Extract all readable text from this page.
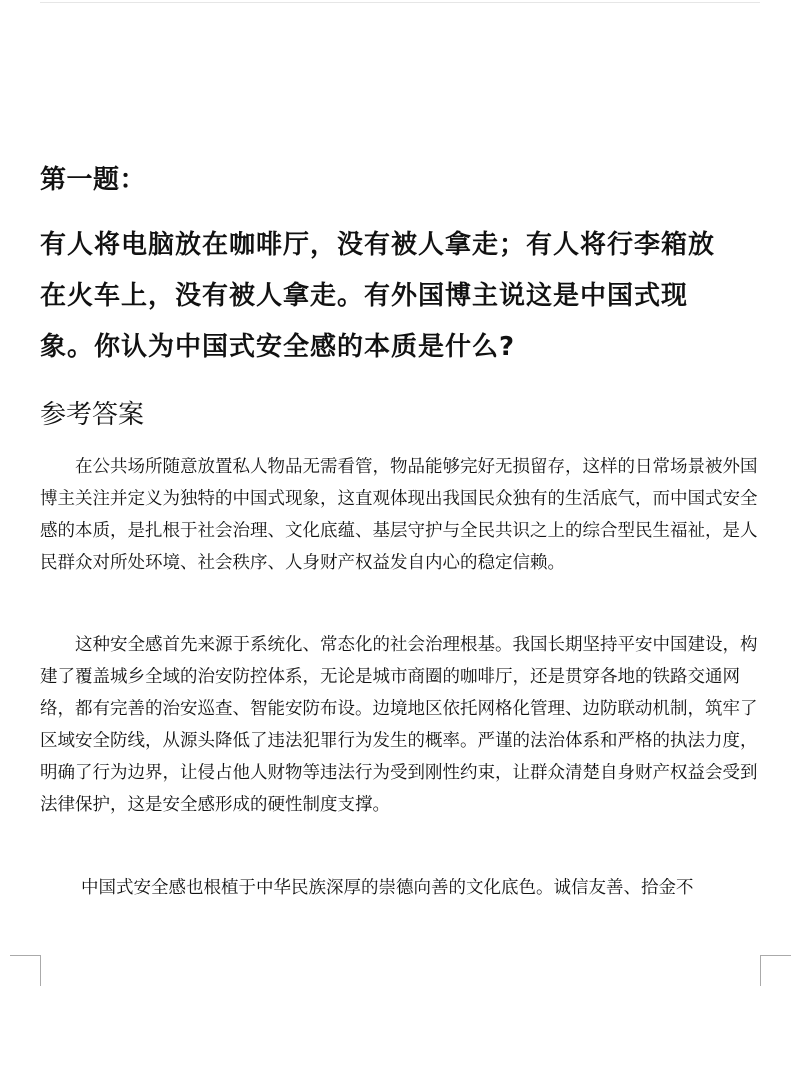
第一题：
有人将电脑放在咖啡厅，没有被人拿走；有人将行李箱放
在火车上，没有被人拿走。有外国博主说这是中国式现
象。你认为中国式安全感的本质是什么?
参考答案

在公共场所随意放置私人物品无需看管，物品能够完好无损留存，这样的日常场景被外国博主关注并定义为独特的中国式现象，这直观体现出我国民众独有的生活底气，而中国式安全感的本质，是扎根于社会治理、文化底蕴、基层守护与全民共识之上的综合型民生福祉，是人民群众对所处环境、社会秩序、人身财产权益发自内心的稳定信赖。

这种安全感首先来源于系统化、常态化的社会治理根基。我国长期坚持平安中国建设，构建了覆盖城乡全域的治安防控体系，无论是城市商圈的咖啡厅，还是贯穿各地的铁路交通网络，都有完善的治安巡查、智能安防布设。边境地区依托网格化管理、边防联动机制，筑牢了区域安全防线，从源头降低了违法犯罪行为发生的概率。严谨的法治体系和严格的执法力度，明确了行为边界，让侵占他人财物等违法行为受到刚性约束，让群众清楚自身财产权益会受到法律保护，这是安全感形成的硬性制度支撑。

中国式安全感也根植于中华民族深厚的崇德向善的文化底色。诚信友善、拾金不
